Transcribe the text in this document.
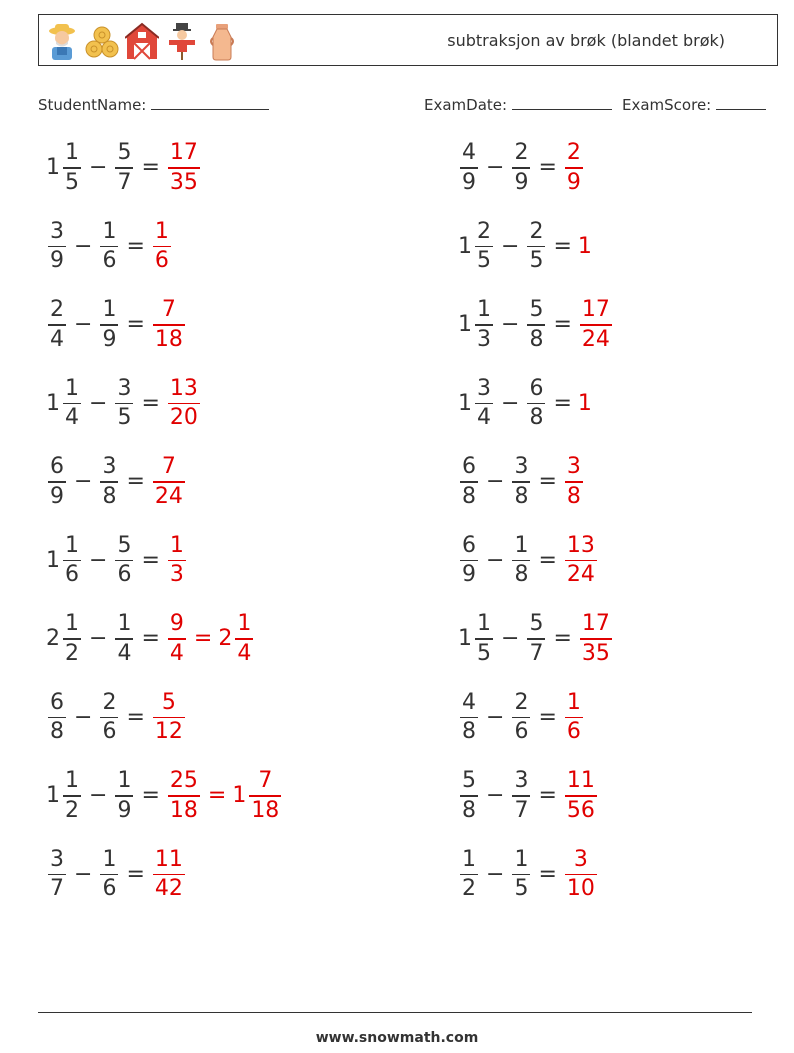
subtraksjon av brøk (blandet brøk)
StudentName:	ExamDate:	ExamScore:
$1 \frac{1}{5} - \frac{5}{7} = \frac{17}{35}$
$\frac{3}{9} - \frac{1}{6} = \frac{1}{6}$
$\frac{2}{4} - \frac{1}{9} = \frac{7}{18}$
$1 \frac{1}{4} - \frac{3}{5} = \frac{13}{20}$
$\frac{6}{9} - \frac{3}{8} = \frac{7}{24}$
$1 \frac{1}{6} - \frac{5}{6} = \frac{1}{3}$
$2 \frac{1}{2} - \frac{1}{4} = \frac{9}{4} = 2 \frac{1}{4}$
$\frac{6}{8} - \frac{2}{6} = \frac{5}{12}$
$1 \frac{1}{2} - \frac{1}{9} = \frac{25}{18} = 1 \frac{7}{18}$
$\frac{3}{7} - \frac{1}{6} = \frac{11}{42}$
$\frac{4}{9} - \frac{2}{9} = \frac{2}{9}$
$1 \frac{2}{5} - \frac{2}{5} = 1$
$1 \frac{1}{3} - \frac{5}{8} = \frac{17}{24}$
$1 \frac{3}{4} - \frac{6}{8} = 1$
$\frac{6}{8} - \frac{3}{8} = \frac{3}{8}$
$\frac{6}{9} - \frac{1}{8} = \frac{13}{24}$
$1 \frac{1}{5} - \frac{5}{7} = \frac{17}{35}$
$\frac{4}{8} - \frac{2}{6} = \frac{1}{6}$
$\frac{5}{8} - \frac{3}{7} = \frac{11}{56}$
$\frac{1}{2} - \frac{1}{5} = \frac{3}{10}$
www.snowmath.com
